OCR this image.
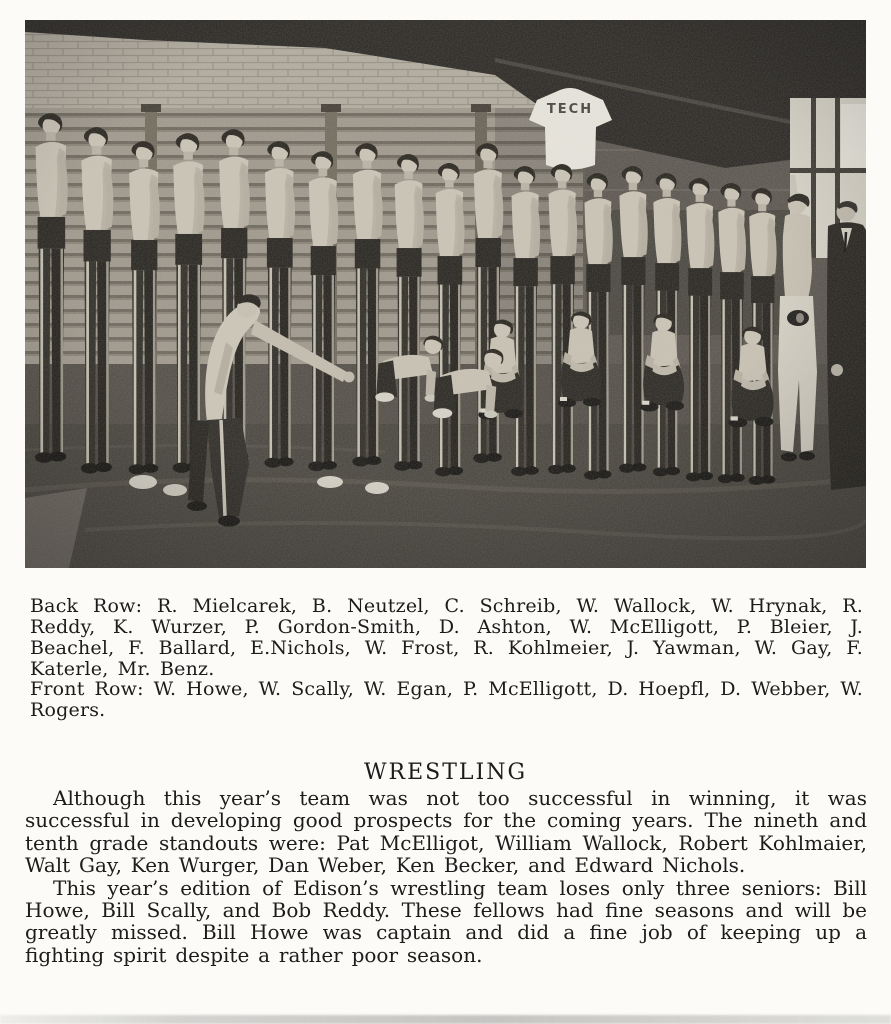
Back Row: R. Mielcarek, B. Neutzel, C. Schreib, W. Wallock, W. Hrynak, R. Reddy, K. Wurzer, P. Gordon-Smith, D. Ashton, W. McElligott, P. Bleier, J. Beachel, F. Ballard, E.Nichols, W. Frost, R. Kohlmeier, J. Yawman, W. Gay, F. Katerle, Mr. Benz.

Front Row: W. Howe, W. Scally, W. Egan, P. McElligott, D. Hoepfl, D. Webber, W. Rogers.

WRESTLING

Although this year’s team was not too successful in winning, it was successful in developing good prospects for the coming years. The nineth and tenth grade standouts were: Pat McElligot, William Wallock, Robert Kohlmaier, Walt Gay, Ken Wurger, Dan Weber, Ken Becker, and Edward Nichols.

This year’s edition of Edison’s wrestling team loses only three seniors: Bill Howe, Bill Scally, and Bob Reddy. These fellows had fine seasons and will be greatly missed. Bill Howe was captain and did a fine job of keeping up a fighting spirit despite a rather poor season.
